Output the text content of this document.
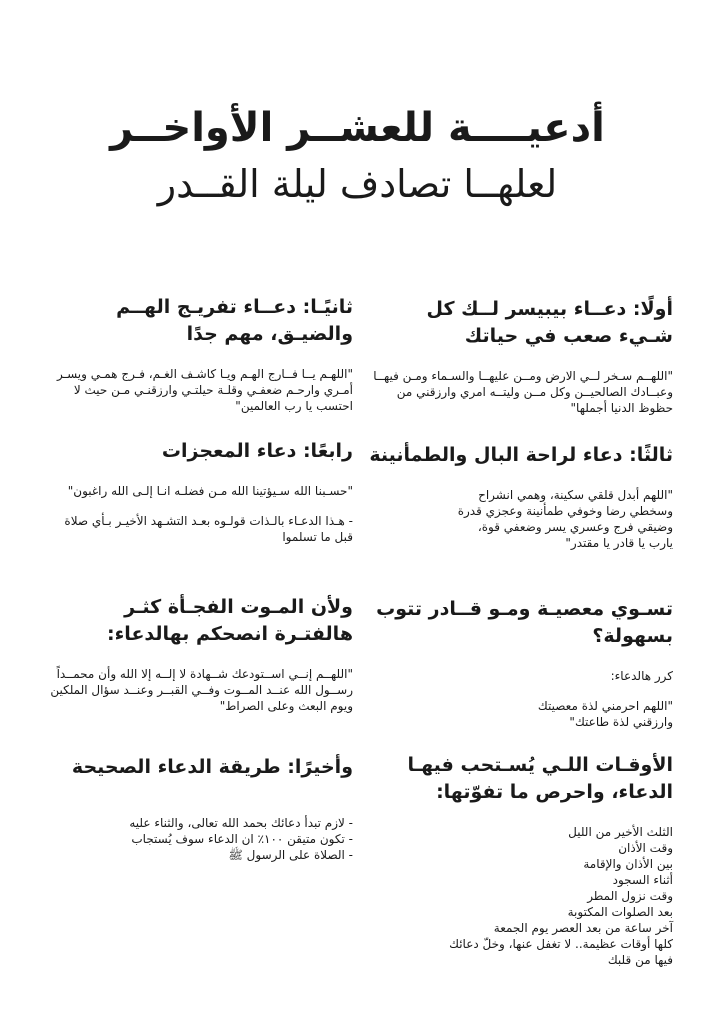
أدعيــــة للعشــر الأواخــر
لعلهــا تصادف ليلة القــدر
أولًا: دعــاء بيبيسر لــك كل شـيء صعب في حياتك
"اللهــم سـخر لــي الارض ومــن عليهــا والسـماء ومـن فيهــا وعبــادك الصالحيــن وكل مــن وليتــه امري وارزقني من حظوظ الدنيا أجملها"
ثالثًا: دعاء لراحة البال والطمأنينة
"اللهم أبدل قلقي سكينة، وهمي انشراح
وسخطي رضا وخوفي طمأنينة وعجزي قدرة
وضيقي فرج وعسري يسر وضعفي قوة،
يارب يا قادر يا مقتدر"
تسـوي معصيـة ومـو قــادر تتوب بسهولة؟
كرر هالدعاء:
"اللهم احرمني لذة معصيتك
وارزقني لذة طاعتك"
الأوقـات اللـي يُسـتحب فيهـا الدعاء، واحرص ما تفوّتها:
الثلث الأخير من الليل
وقت الأذان
بين الأذان والإقامة
أثناء السجود
وقت نزول المطر
بعد الصلوات المكتوبة
آخر ساعة من بعد العصر يوم الجمعة
كلها أوقات عظيمة.. لا تغفل عنها، وخلّ دعائك
فيها من قلبك
ثانيًـا: دعــاء تفريـج الهــم والضيـق، مهم جدًا
"اللهـم يــا فــارج الهـم ويـا كاشـف الغـم، فـرج همـي ويسـر أمـري وارحـم ضعفـي وقلـة حيلتـي وارزقنـي مـن حيث لا احتسب يا رب العالمين"
رابعًا: دعاء المعجزات
"حسـبنا الله سـيؤتينا الله مـن فضلـه انـا إلـى الله راغبون"
- هـذا الدعـاء بالـذات قولـوه بعـد التشـهد الأخيـر بـأي صلاة قبل ما تسلموا
ولأن المـوت الفجـأة كثـر هالفتـرة انصحكم بهالدعاء:
"اللهــم إنــي اســتودعك شــهادة لا إلــه إلا الله وأن محمــداً رســول الله عنــد المــوت وفــي القبــر وعنــد سؤال الملكين ويوم البعث وعلى الصراط"
وأخيرًا: طريقة الدعاء الصحيحة
- لازم تبدأ دعائك بحمد الله تعالى، والثناء عليه
- تكون متيقن ١٠٠٪ ان الدعاء سوف يُستجاب
- الصلاة على الرسول ﷺ
